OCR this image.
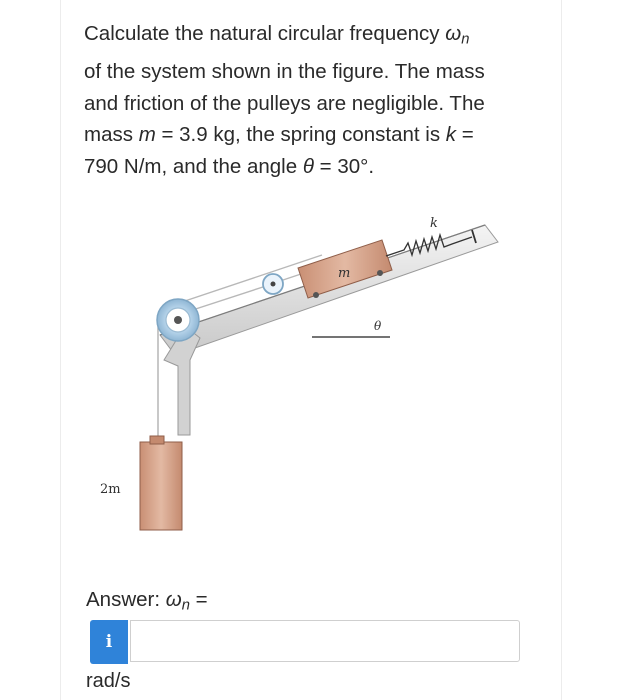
Calculate the natural circular frequency $\omega_n$
of the system shown in the figure. The mass
and friction of the pulleys are negligible. The
mass m = 3.9 kg, the spring constant is k =
790 N/m, and the angle θ = 30°.
m
k
θ
2m
Answer: $\omega_n$ =
i
rad/s
